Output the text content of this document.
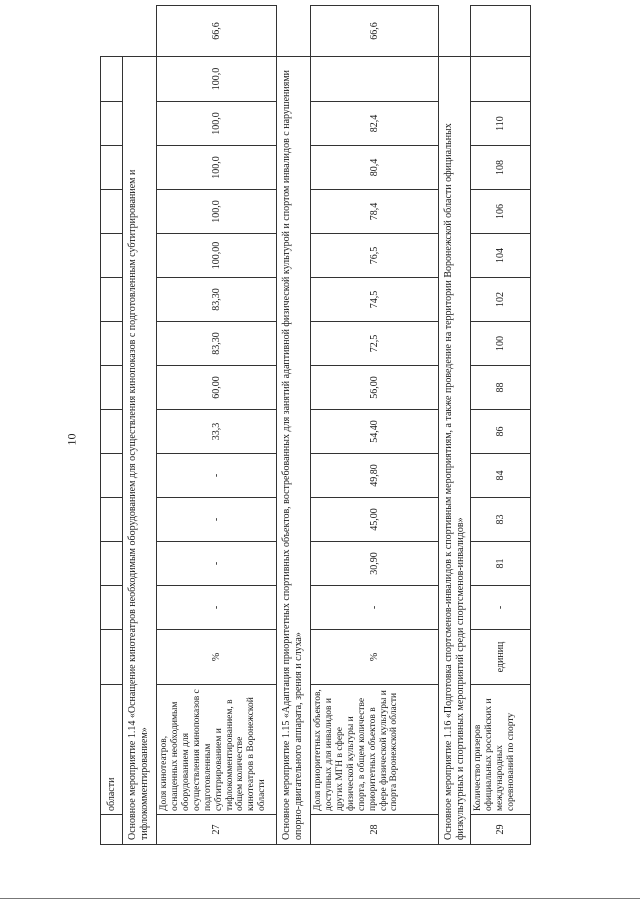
10
	области															
Основное мероприятие 1.14 «Оснащение кинотеатров необходимым оборудованием для осуществления кинопоказов с подготовленным субтитрированием и тифлокомментированием»																
27	Доля кинотеатров, оснащенных необходимым оборудованием для осуществления кинопоказов с подготовленным субтитрированием и тифлокомментированием, в общем количестве кинотеатров в Воронежской области	%	-	-	-	-	33,3	60,00	83,30	83,30	100,00	100,0	100,0	100,0	100,0	66,6
Основное мероприятие 1.15 «Адаптация приоритетных спортивных объектов, востребованных для занятий адаптивной физической культурой и спортом инвалидов с нарушениями опорно-двигательного аппарата, зрения и слуха»																
28	Доля приоритетных объектов, доступных для инвалидов и других МГН в сфере физической культуры и спорта, в общем количестве приоритетных объектов в сфере физической культуры и спорта Воронежской области	%	-	30,90	45,00	49,80	54,40	56,00	72,5	74,5	76,5	78,4	80,4	82,4		66,6
Основное мероприятие 1.16 «Подготовка спортсменов-инвалидов к спортивным мероприятиям, а также проведение на территории Воронежской области официальных физкультурных и спортивных мероприятий среди спортсменов-инвалидов»																
29	Количество призеров официальных российских и международных соревнований по спорту	единиц	-	81	83	84	86	88	100	102	104	106	108	110		
